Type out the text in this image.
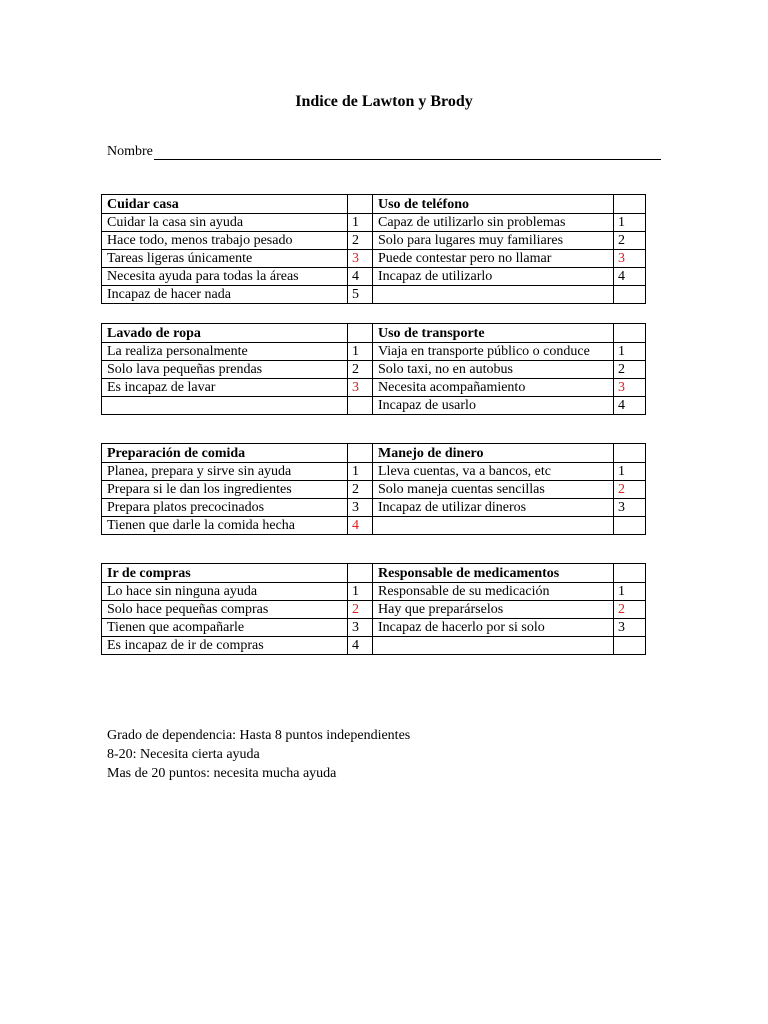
Indice de Lawton y Brody
Nombre
Cuidar casa		Uso de teléfono	
Cuidar la casa sin ayuda	1	Capaz de utilizarlo sin problemas	1
Hace todo, menos trabajo pesado	2	Solo para lugares muy familiares	2
Tareas ligeras únicamente	3	Puede contestar pero no llamar	3
Necesita ayuda para todas la áreas	4	Incapaz de utilizarlo	4
Incapaz de hacer nada	5		
Lavado de ropa		Uso de transporte	
La realiza personalmente	1	Viaja en transporte público o conduce	1
Solo lava pequeñas prendas	2	Solo taxi, no en autobus	2
Es incapaz de lavar	3	Necesita acompañamiento	3
		Incapaz de usarlo	4
Preparación de comida		Manejo de dinero	
Planea, prepara y sirve sin ayuda	1	Lleva cuentas, va a bancos, etc	1
Prepara si le dan los ingredientes	2	Solo maneja cuentas sencillas	2
Prepara platos precocinados	3	Incapaz de utilizar dineros	3
Tienen que darle la comida hecha	4		
Ir de compras		Responsable de medicamentos	
Lo hace sin ninguna ayuda	1	Responsable de su medicación	1
Solo hace pequeñas compras	2	Hay que preparárselos	2
Tienen que acompañarle	3	Incapaz de hacerlo por si solo	3
Es incapaz de ir de compras	4		
Grado de dependencia: Hasta 8 puntos independientes
8-20: Necesita cierta ayuda
Mas de 20 puntos: necesita mucha ayuda
